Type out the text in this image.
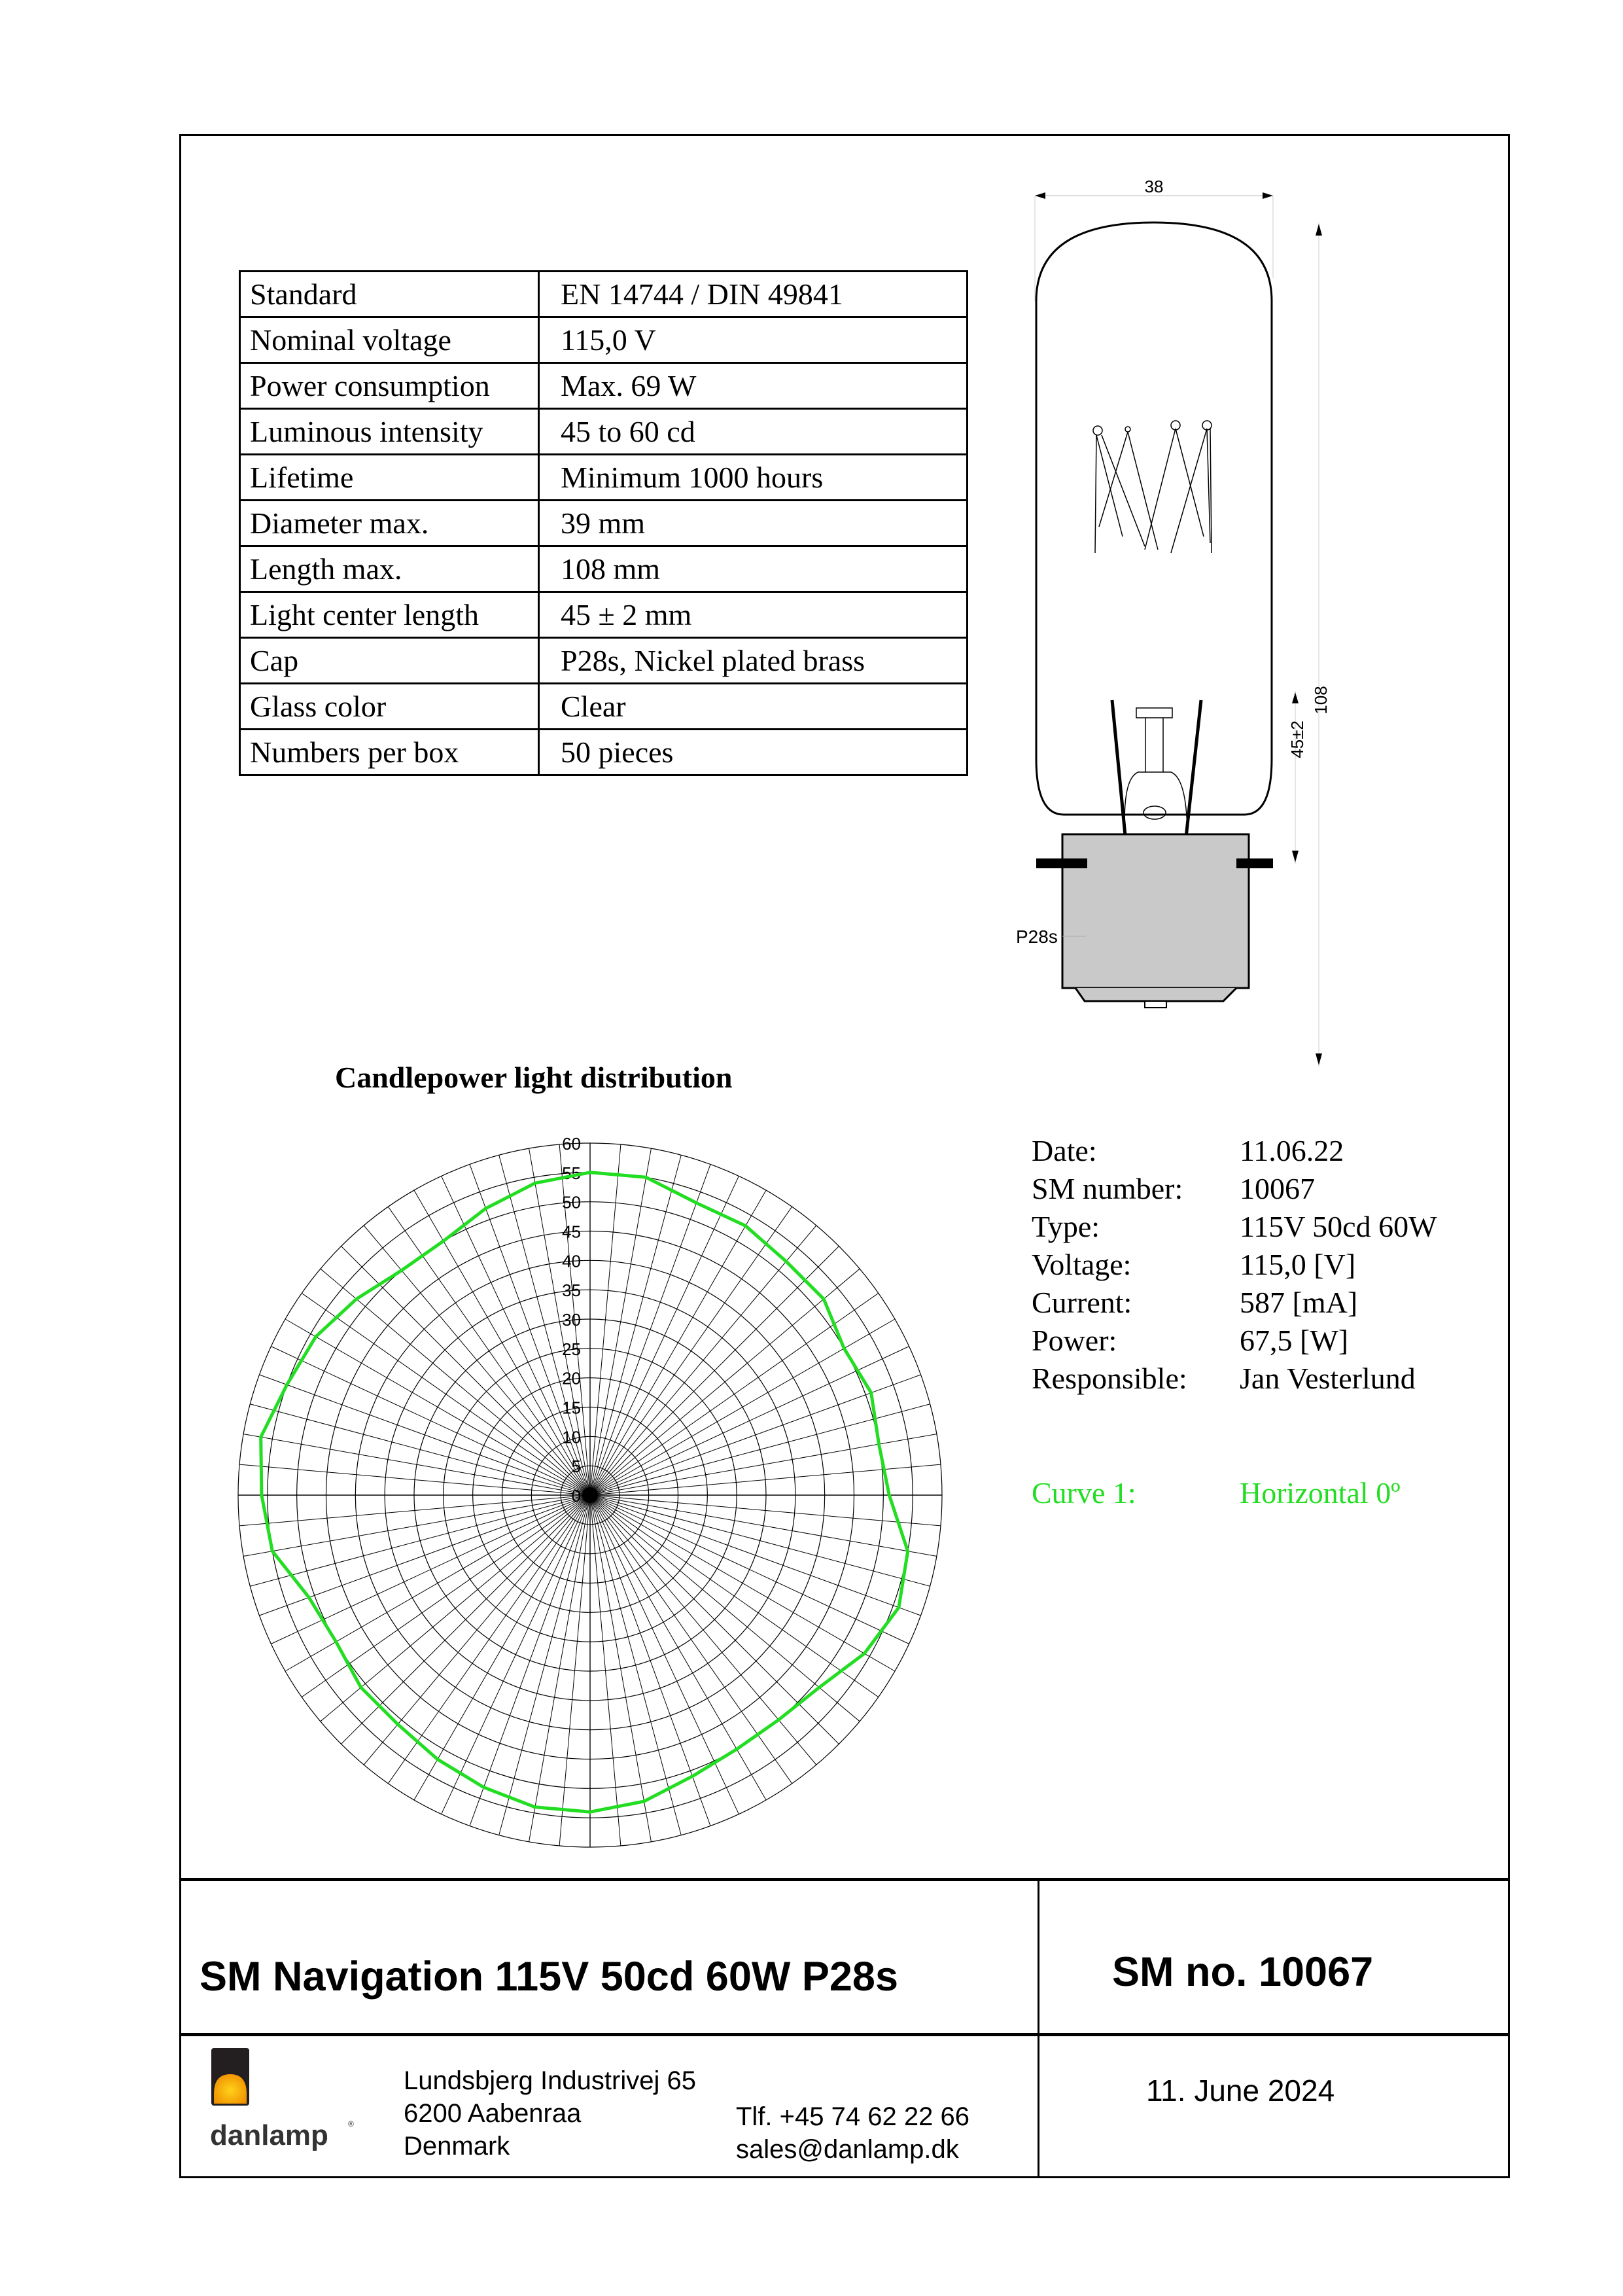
Standard	EN 14744 / DIN 49841
Nominal voltage	115,0 V
Power consumption	Max. 69 W
Luminous intensity	45 to 60 cd
Lifetime	Minimum 1000 hours
Diameter max.	39 mm
Length max.	108 mm
Light center length	45 ± 2 mm
Cap	P28s, Nickel plated brass
Glass color	Clear
Numbers per box	50 pieces
38
108
45±2
P28s
Candlepower light distribution
0
5
10
15
20
25
30
35
40
45
50
55
60	Date:	11.06.22
SM number: 10067
Type:	115V 50cd 60W
Voltage:	115,0 [V]
Current:	587 [mA]
Power:	67,5 [W]
Responsible: Jan Vesterlund
Curve 1:	Horizontal 0º
SM Navigation 115V 50cd 60W P28s	SM no. 10067
danlamp	®
Lundsbjerg Industrivej 65
6200 Aabenraa
Denmark
Tlf. +45 74 62 22 66
sales@danlamp.dk
11. June 2024
